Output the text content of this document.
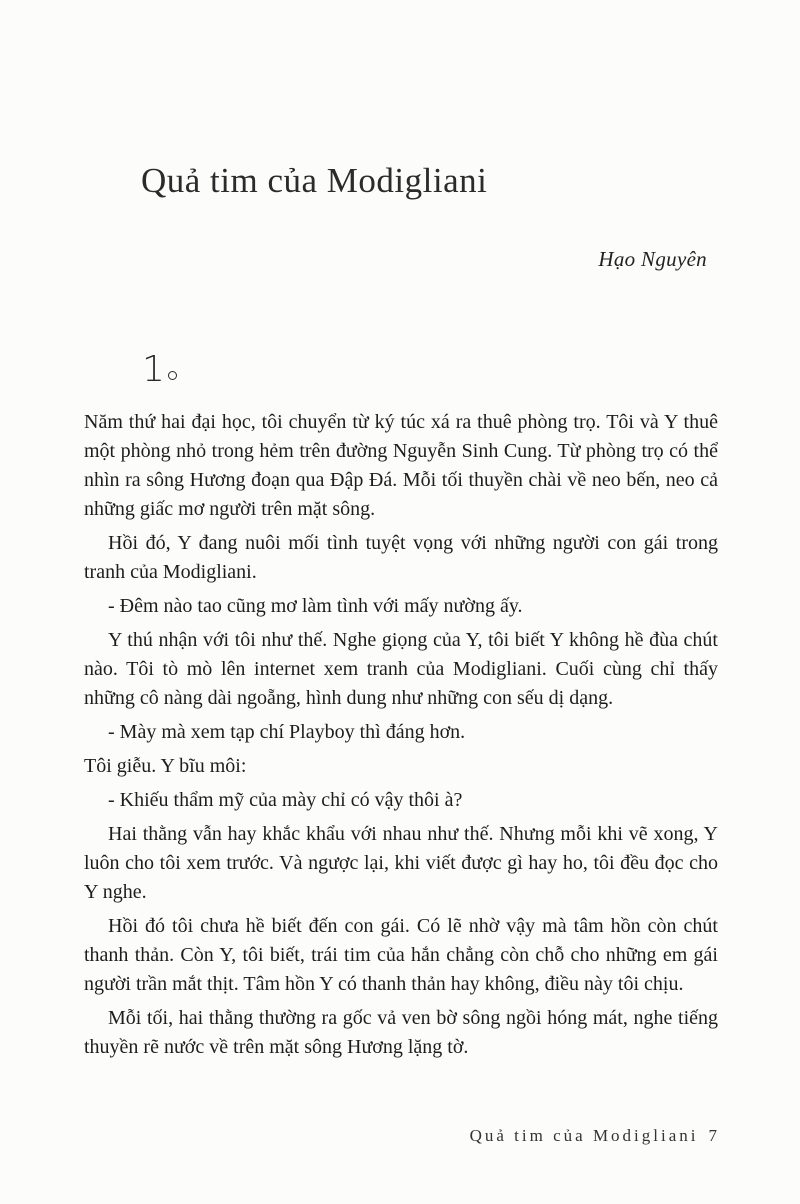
Quả tim của Modigliani
Hạo Nguyên
1

Năm thứ hai đại học, tôi chuyển từ ký túc xá ra thuê phòng trọ. Tôi và Y thuê một phòng nhỏ trong hẻm trên đường Nguyễn Sinh Cung. Từ phòng trọ có thể nhìn ra sông Hương đoạn qua Đập Đá. Mỗi tối thuyền chài về neo bến, neo cả những giấc mơ người trên mặt sông.

Hồi đó, Y đang nuôi mối tình tuyệt vọng với những người con gái trong tranh của Modigliani.

- Đêm nào tao cũng mơ làm tình với mấy nường ấy.

Y thú nhận với tôi như thế. Nghe giọng của Y, tôi biết Y không hề đùa chút nào. Tôi tò mò lên internet xem tranh của Modigliani. Cuối cùng chỉ thấy những cô nàng dài ngoẵng, hình dung như những con sếu dị dạng.

- Mày mà xem tạp chí Playboy thì đáng hơn.

Tôi giễu. Y bĩu môi:

- Khiếu thẩm mỹ của mày chỉ có vậy thôi à?

Hai thằng vẫn hay khắc khẩu với nhau như thế. Nhưng mỗi khi vẽ xong, Y luôn cho tôi xem trước. Và ngược lại, khi viết được gì hay ho, tôi đều đọc cho Y nghe.

Hồi đó tôi chưa hề biết đến con gái. Có lẽ nhờ vậy mà tâm hồn còn chút thanh thản. Còn Y, tôi biết, trái tim của hắn chẳng còn chỗ cho những em gái người trần mắt thịt. Tâm hồn Y có thanh thản hay không, điều này tôi chịu.

Mỗi tối, hai thằng thường ra gốc vả ven bờ sông ngồi hóng mát, nghe tiếng thuyền rẽ nước về trên mặt sông Hương lặng tờ.

Quả tim của Modigliani 7
